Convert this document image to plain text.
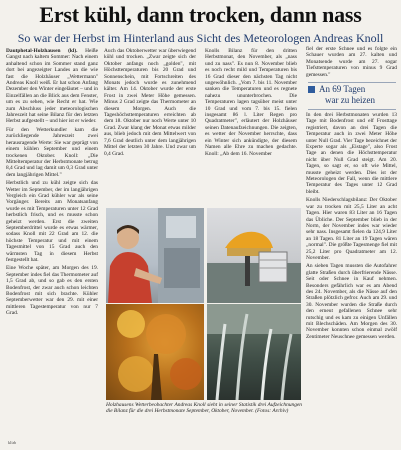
Erst kühl, dann trocken, dann nass
So war der Herbst im Hinterland aus Sicht des Meteorologen Andreas Knoll

Dautphetal-Holzhausen (kl). Heiße Gangst nach kaltem Sommer: Nach einem anhaltend schon im Sommer stand ganz dort bei angezeigter Landes an die wie fast die Holzhäuser „Wettermann" Andreas Knoll weiß. Er hat schon Anfang Dezember den Winter eingeläutet – und in Einzelfällen an die Blick aus dem Fenster, um es zu sehen, wie Recht er hat. Wie zum Abschluss jeder meteorologischen Jahreszeit hat seine Bilanz für den letzten Herbst aufgestellt – und hier ist er wieder.

Für den Wetterkundler kam die zurückliegende Jahreszeit zwei herausragende Werte: Sie war geprägt von einem kühlen September und einem trockenen Oktober. Knoll: „Die Mitteltemperatur der Herbstmonate betrug 8,4 Grad und lag damit um 0,3 Grad unter dem langjährigen Mittel."

Herbstlich und zu kühl zeigte sich das Wetter im September, der im langjährigen Vergleich ein Grad kühler war als seine Vorgänger. Bereits am Monatsanfang wurde es mit Temperaturen unter 12 Grad herbstlich frisch, und es musste schon geheizt werden. Erst die zweiten Septemberdrittel wurde es etwas wärmer, sodass Knoll mit 22 Grad am 12. die höchste Temperatur und mit einem Tagesmittel von 15 Grad auch den wärmsten Tag in diesem Herbst festgestellt hat.

Eine Woche später, am Morgen des 19. September indes fiel das Thermometer auf 1,5 Grad ab, und so gab es den ersten Bodenfrost, der zwar auch schon leichten Bodenfrost mit sich brachte. Kühler Septemberwetter war den 29. mit einer mittleren Tagestemperatur von nur 7 Grad.

Auch das Oktoberwetter war überwiegend kühl und trocken. „Zwar zeigte sich der Oktober anfangs noch „golden", mit Höchsttemperaturen bis 20 Grad und Sonnenschein, mit Fortschreiten des Monats jedoch wurde es zunehmend kälter. Am 14. Oktober wurde der erste Frost in zwei Meter Höhe gemessen. Minus 2 Grad zeigte das Thermometer an diesem Morgen. Auch die Tageshöchsttemperaturen erreichten ab dem 18. Oktober nur noch Werte unter 10 Grad. Zwar klang der Monat etwas milder aus, blieb jedoch mit dem Mittelwert von 7,6 Grad deutlich unter dem langjährigen Mittel der letzten 30 Jahre. Und zwar um 0,4 Grad.

Knolls Bilanz für den dritten Herbstmonat, den November, als „nass und zu nass". Es nun 8. November blieb es noch recht mild und Temperaturen bis 16 Grad dieser den nächsten Tag nicht ungewöhnlich. „Vom 7. bis 11. November sanken die Temperaturen und es regnete nahezu ununterbrochen. Die Temperaturen lagen tagsüber meist unter 10 Grad und vom 7. bis 15. fielen insgesamt 86 l. Liter Regen pro Quadratmeter", erläutert der Holzhäuser seinen Datenaufzeichnungen. Die zeigten, es wetter der November herrschte, dass ein Winter sich ankündigte, der diesem Namen alle Ehre zu machen gedachte. Knoll: „Ab dem 16. November

fiel der erste Schnee und es folgte ein Schauer wurden am 27. kalten und Monatsende wurde am 27. sogar Tiefsttemperaturen von minus 9 Grad gemessen."
An 69 Tagen
war zu heizen

In den drei Herbstmonaten wurden 13 Tage mit Bodenfrost und elf Frosttage registriert, davon an drei Tagen die Temperatur auch in zwei Meter Höhe unter Null Grad. Vier Tage bezeichnet der Experte sogar als „Eistage", also Frost Tage an denen die Höchsttemperatur nicht über Null Grad steigt. Am 20. Tagen, so sagt er, so oft wie Mittel, musste geheizt werden. Dies ist der Meteorologen der Fall, wenn die mittlere Temperatur des Tages unter 12 Grad bleibt.

Knolls Niederschlagsbilanz: Der Oktober war zu trocken mit 25,5 Liter an acht Tagen. Hier waren 83 Liter an 16 Tagen das Übliche. Der September blieb in der Norm, der November indes war wieder sehr nass. Insgesamt fielen da 124,9 Liter an 18 Tagen. 81 Liter an 19 Tagen wären „normal". Die größte Tagesmenge fiel mit 25,2 Liter pro Quadratmeter am 12. November.

An sieben Tagen mussten die Autofahrer glatte Straßen durch überfrierende Nässe. Seit oder Schnee in Kauf nehmen. Besonders gefährlich war es am Abend des 24. November, als die Nässe auf den Straßen plötzlich gefror. Auch am 29. und 30. November wurden die Straße durch den erneut gefallenen Schnee sehr rutschig und es kam zu einigen Unfällen mit Blechschäden. Am Morgen des 30. November konnten schon einmal zwölf Zentimeter Neuschnee gemessen werden.

Holzhausens Wetterbeobachter Andreas Knoll sieht in seiner Statistik drei Aufzeichnungen die Bilanz für die drei Herbstmonate September, Oktober, November. (Fotos: Archiv)
kl/ab
